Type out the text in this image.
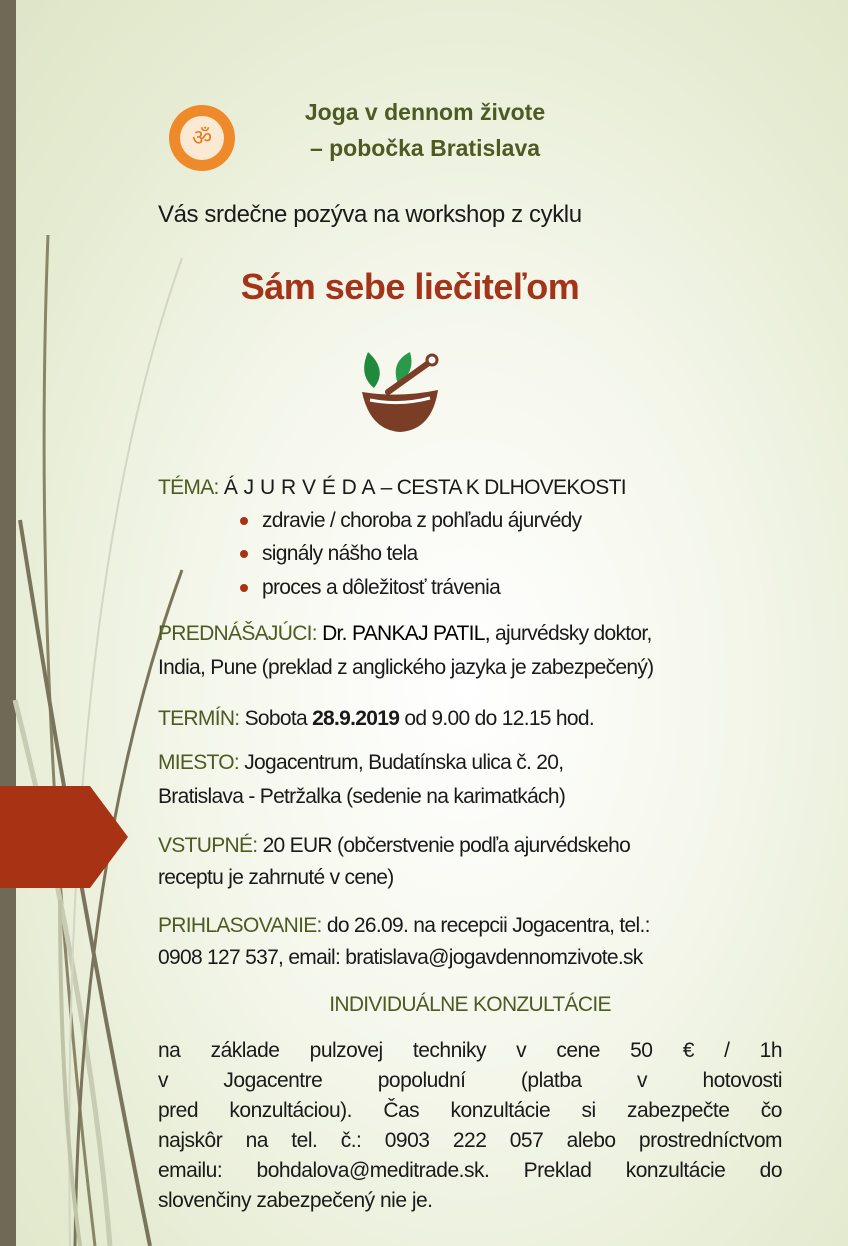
ॐ
Joga v dennom živote
– pobočka Bratislava
Vás srdečne pozýva na workshop z cyklu
Sám sebe liečiteľom
TÉMA: Á J U R V É D A – CESTA K DLHOVEKOSTI
zdravie / choroba z pohľadu ájurvédy
signály nášho tela
proces a dôležitosť trávenia
PREDNÁŠAJÚCI: Dr. PANKAJ PATIL, ajurvédsky doktor,
India, Pune (preklad z anglického jazyka je zabezpečený)
TERMÍN: Sobota 28.9.2019 od 9.00 do 12.15 hod.
MIESTO: Jogacentrum, Budatínska ulica č. 20,
Bratislava - Petržalka (sedenie na karimatkách)
VSTUPNÉ: 20 EUR (občerstvenie podľa ajurvédskeho
receptu je zahrnuté v cene)
PRIHLASOVANIE: do 26.09. na recepcii Jogacentra, tel.:
0908 127 537, email: bratislava@jogavdennomzivote.sk
INDIVIDUÁLNE KONZULTÁCIE
na základe pulzovej techniky v cene 50 € / 1h
v Jogacentre popoludní (platba v hotovosti
pred konzultáciou). Čas konzultácie si zabezpečte čo
najskôr na tel. č.: 0903 222 057 alebo prostredníctvom
emailu: bohdalova@meditrade.sk. Preklad konzultácie do
slovenčiny zabezpečený nie je.
